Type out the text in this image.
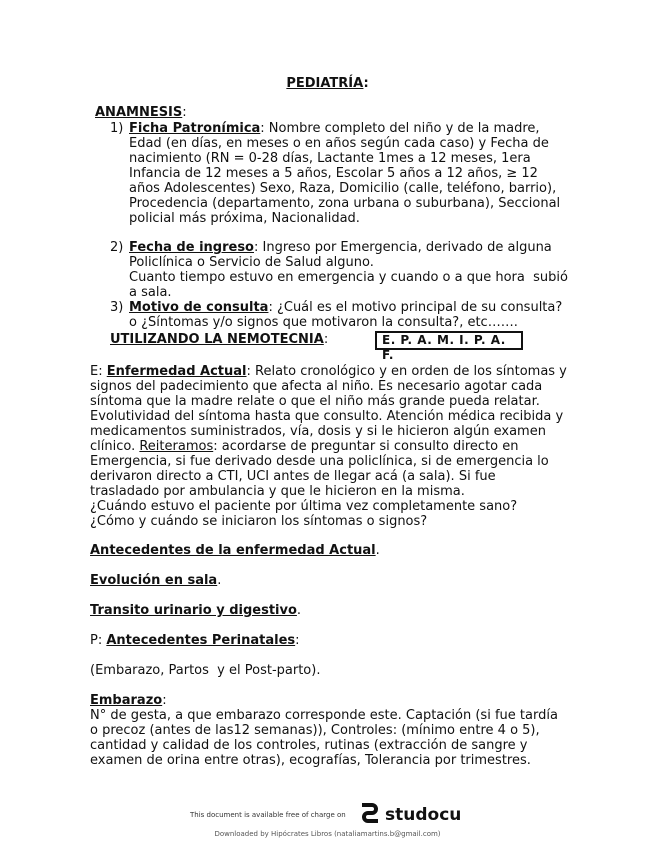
PEDIATRÍA:
ANAMNESIS:
1) Ficha Patronímica: Nombre completo del niño y de la madre,
Edad (en días, en meses o en años según cada caso) y Fecha de
nacimiento (RN = 0-28 días, Lactante 1mes a 12 meses, 1era
Infancia de 12 meses a 5 años, Escolar 5 años a 12 años, ≥ 12
años Adolescentes) Sexo, Raza, Domicilio (calle, teléfono, barrio),
Procedencia (departamento, zona urbana o suburbana), Seccional
policial más próxima, Nacionalidad.
2) Fecha de ingreso: Ingreso por Emergencia, derivado de alguna
Policlínica o Servicio de Salud alguno.
Cuanto tiempo estuvo en emergencia y cuando o a que hora  subió
a sala.
3) Motivo de consulta: ¿Cuál es el motivo principal de su consulta?
o ¿Síntomas y/o signos que motivaron la consulta?, etc…….
UTILIZANDO LA NEMOTECNIA:	E. P. A. M. I. P. A. F.
E: Enfermedad Actual: Relato cronológico y en orden de los síntomas y
signos del padecimiento que afecta al niño. Es necesario agotar cada
síntoma que la madre relate o que el niño más grande pueda relatar.
Evolutividad del síntoma hasta que consulto. Atención médica recibida y
medicamentos suministrados, vía, dosis y si le hicieron algún examen
clínico. Reiteramos: acordarse de preguntar si consulto directo en
Emergencia, si fue derivado desde una policlínica, si de emergencia lo
derivaron directo a CTI, UCI antes de llegar acá (a sala). Si fue
trasladado por ambulancia y que le hicieron en la misma.
¿Cuándo estuvo el paciente por última vez completamente sano?
¿Cómo y cuándo se iniciaron los síntomas o signos?
Antecedentes de la enfermedad Actual.
Evolución en sala.
Transito urinario y digestivo.
P: Antecedentes Perinatales:
(Embarazo, Partos  y el Post-parto).
Embarazo:
N° de gesta, a que embarazo corresponde este. Captación (si fue tardía
o precoz (antes de las12 semanas)), Controles: (mínimo entre 4 o 5),
cantidad y calidad de los controles, rutinas (extracción de sangre y
examen de orina entre otras), ecografías, Tolerancia por trimestres.
This document is available free of charge on studocu
Downloaded by Hipócrates Libros (nataliamartins.b@gmail.com)
